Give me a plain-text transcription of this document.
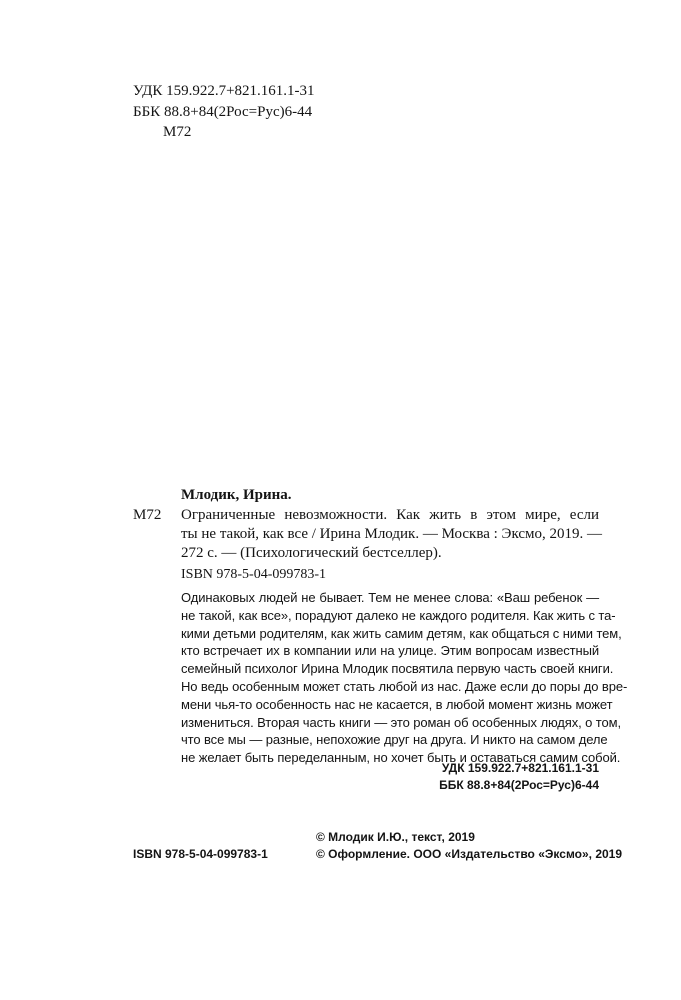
УДК 159.922.7+821.161.1-31
ББК 88.8+84(2Рос=Рус)6-44
М72
Млодик, Ирина.
М72 Ограниченные невозможности. Как жить в этом мире, если
ты не такой, как все / Ирина Млодик. — Москва : Эксмо, 2019. —
272 с. — (Психологический бестселлер).
ISBN 978-5-04-099783-1
Одинаковых людей не бывает. Тем не менее слова: «Ваш ребенок —
не такой, как все», порадуют далеко не каждого родителя. Как жить с та-
кими детьми родителям, как жить самим детям, как общаться с ними тем,
кто встречает их в компании или на улице. Этим вопросам известный
семейный психолог Ирина Млодик посвятила первую часть своей книги.
Но ведь особенным может стать любой из нас. Даже если до поры до вре-
мени чья-то особенность нас не касается, в любой момент жизнь может
измениться. Вторая часть книги — это роман об особенных людях, о том,
что все мы — разные, непохожие друг на друга. И никто на самом деле
не желает быть переделанным, но хочет быть и оставаться самим собой.
УДК 159.922.7+821.161.1-31
ББК 88.8+84(2Рос=Рус)6-44
ISBN 978-5-04-099783-1
© Млодик И.Ю., текст, 2019
© Оформление. ООО «Издательство «Эксмо», 2019
